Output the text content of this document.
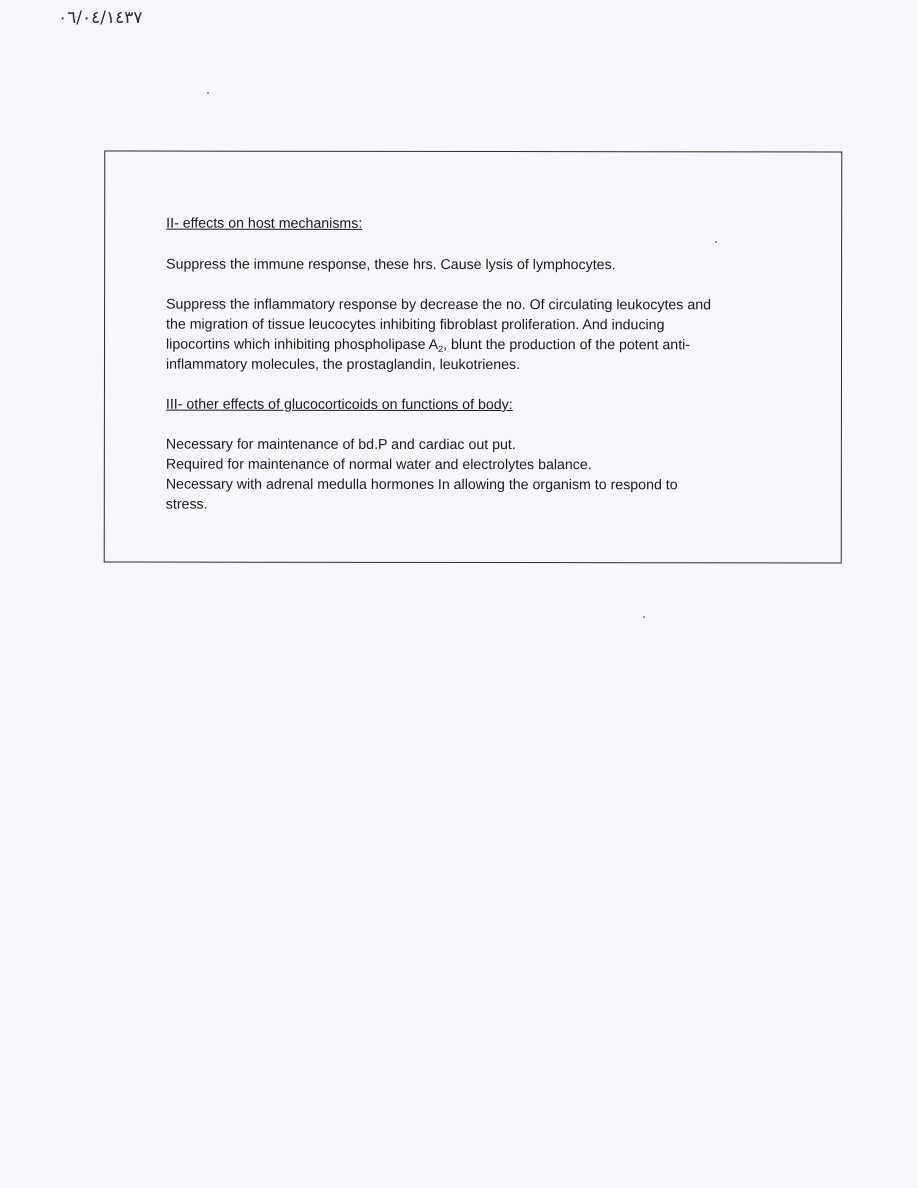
٠٦/٠٤/١٤٣٧

II- effects on host mechanisms:

Suppress the immune response, these hrs. Cause lysis of lymphocytes.

Suppress the inflammatory response by decrease the no. Of circulating leukocytes and

the migration of tissue leucocytes inhibiting fibroblast proliferation. And inducing

lipocortins which inhibiting phospholipase $A_2$, blunt the production of the potent anti-

inflammatory molecules, the prostaglandin, leukotrienes.

III- other effects of glucocorticoids on functions of body:

Necessary for maintenance of bd.P and cardiac out put.

Required for maintenance of normal water and electrolytes balance.

Necessary with adrenal medulla hormones In allowing the organism to respond to

stress.
